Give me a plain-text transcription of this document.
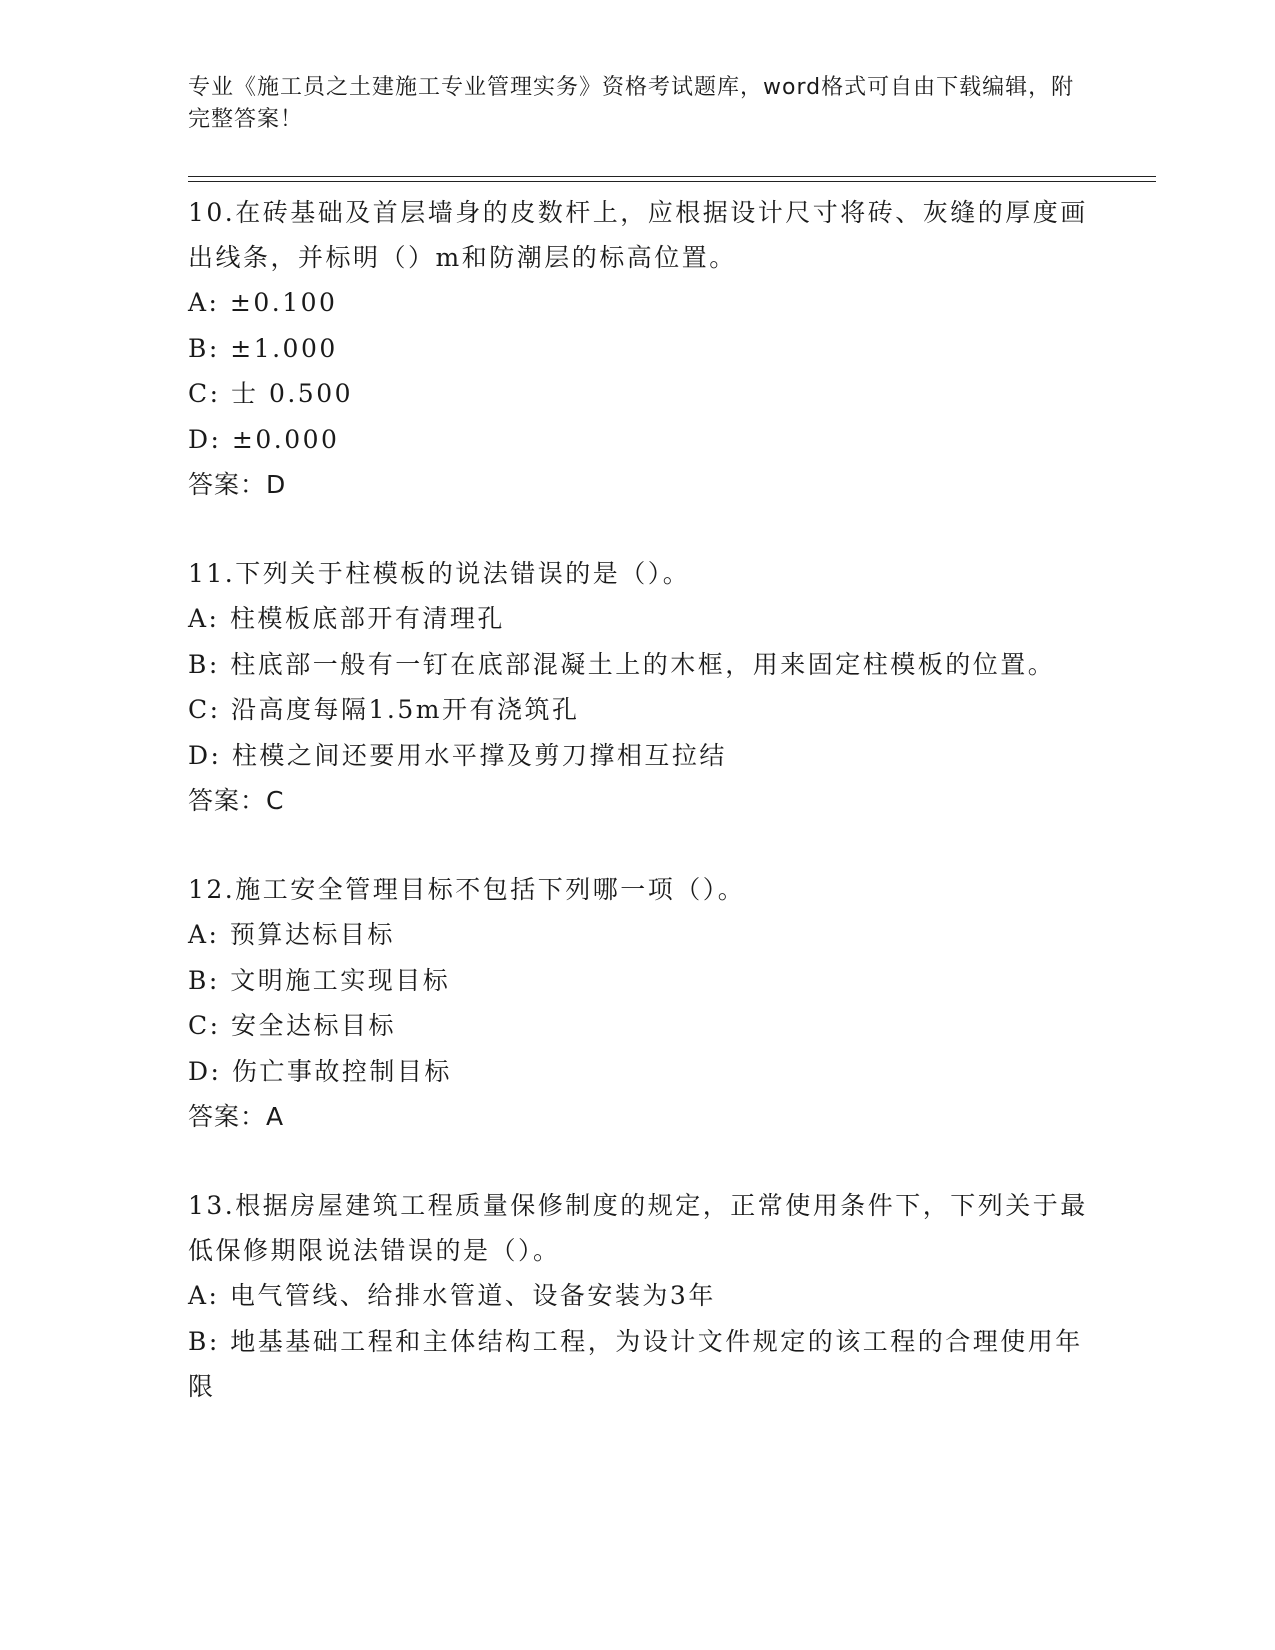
专业《施工员之土建施工专业管理实务》资格考试题库，word格式可自由下载编辑，附完整答案！
10.在砖基础及首层墙身的皮数杆上，应根据设计尺寸将砖、灰缝的厚度画出线条，并标明（）m和防潮层的标高位置。
A: ±0.100
B: ±1.000
C: 士 0.500
D: ±0.000
答案：D
11.下列关于柱模板的说法错误的是（）。
A: 柱模板底部开有清理孔
B: 柱底部一般有一钉在底部混凝土上的木框，用来固定柱模板的位置。
C: 沿高度每隔1.5m开有浇筑孔
D: 柱模之间还要用水平撑及剪刀撑相互拉结
答案：C
12.施工安全管理目标不包括下列哪一项（）。
A: 预算达标目标
B: 文明施工实现目标
C: 安全达标目标
D: 伤亡事故控制目标
答案：A
13.根据房屋建筑工程质量保修制度的规定，正常使用条件下，下列关于最低保修期限说法错误的是（）。
A: 电气管线、给排水管道、设备安装为3年
B: 地基基础工程和主体结构工程，为设计文件规定的该工程的合理使用年限
